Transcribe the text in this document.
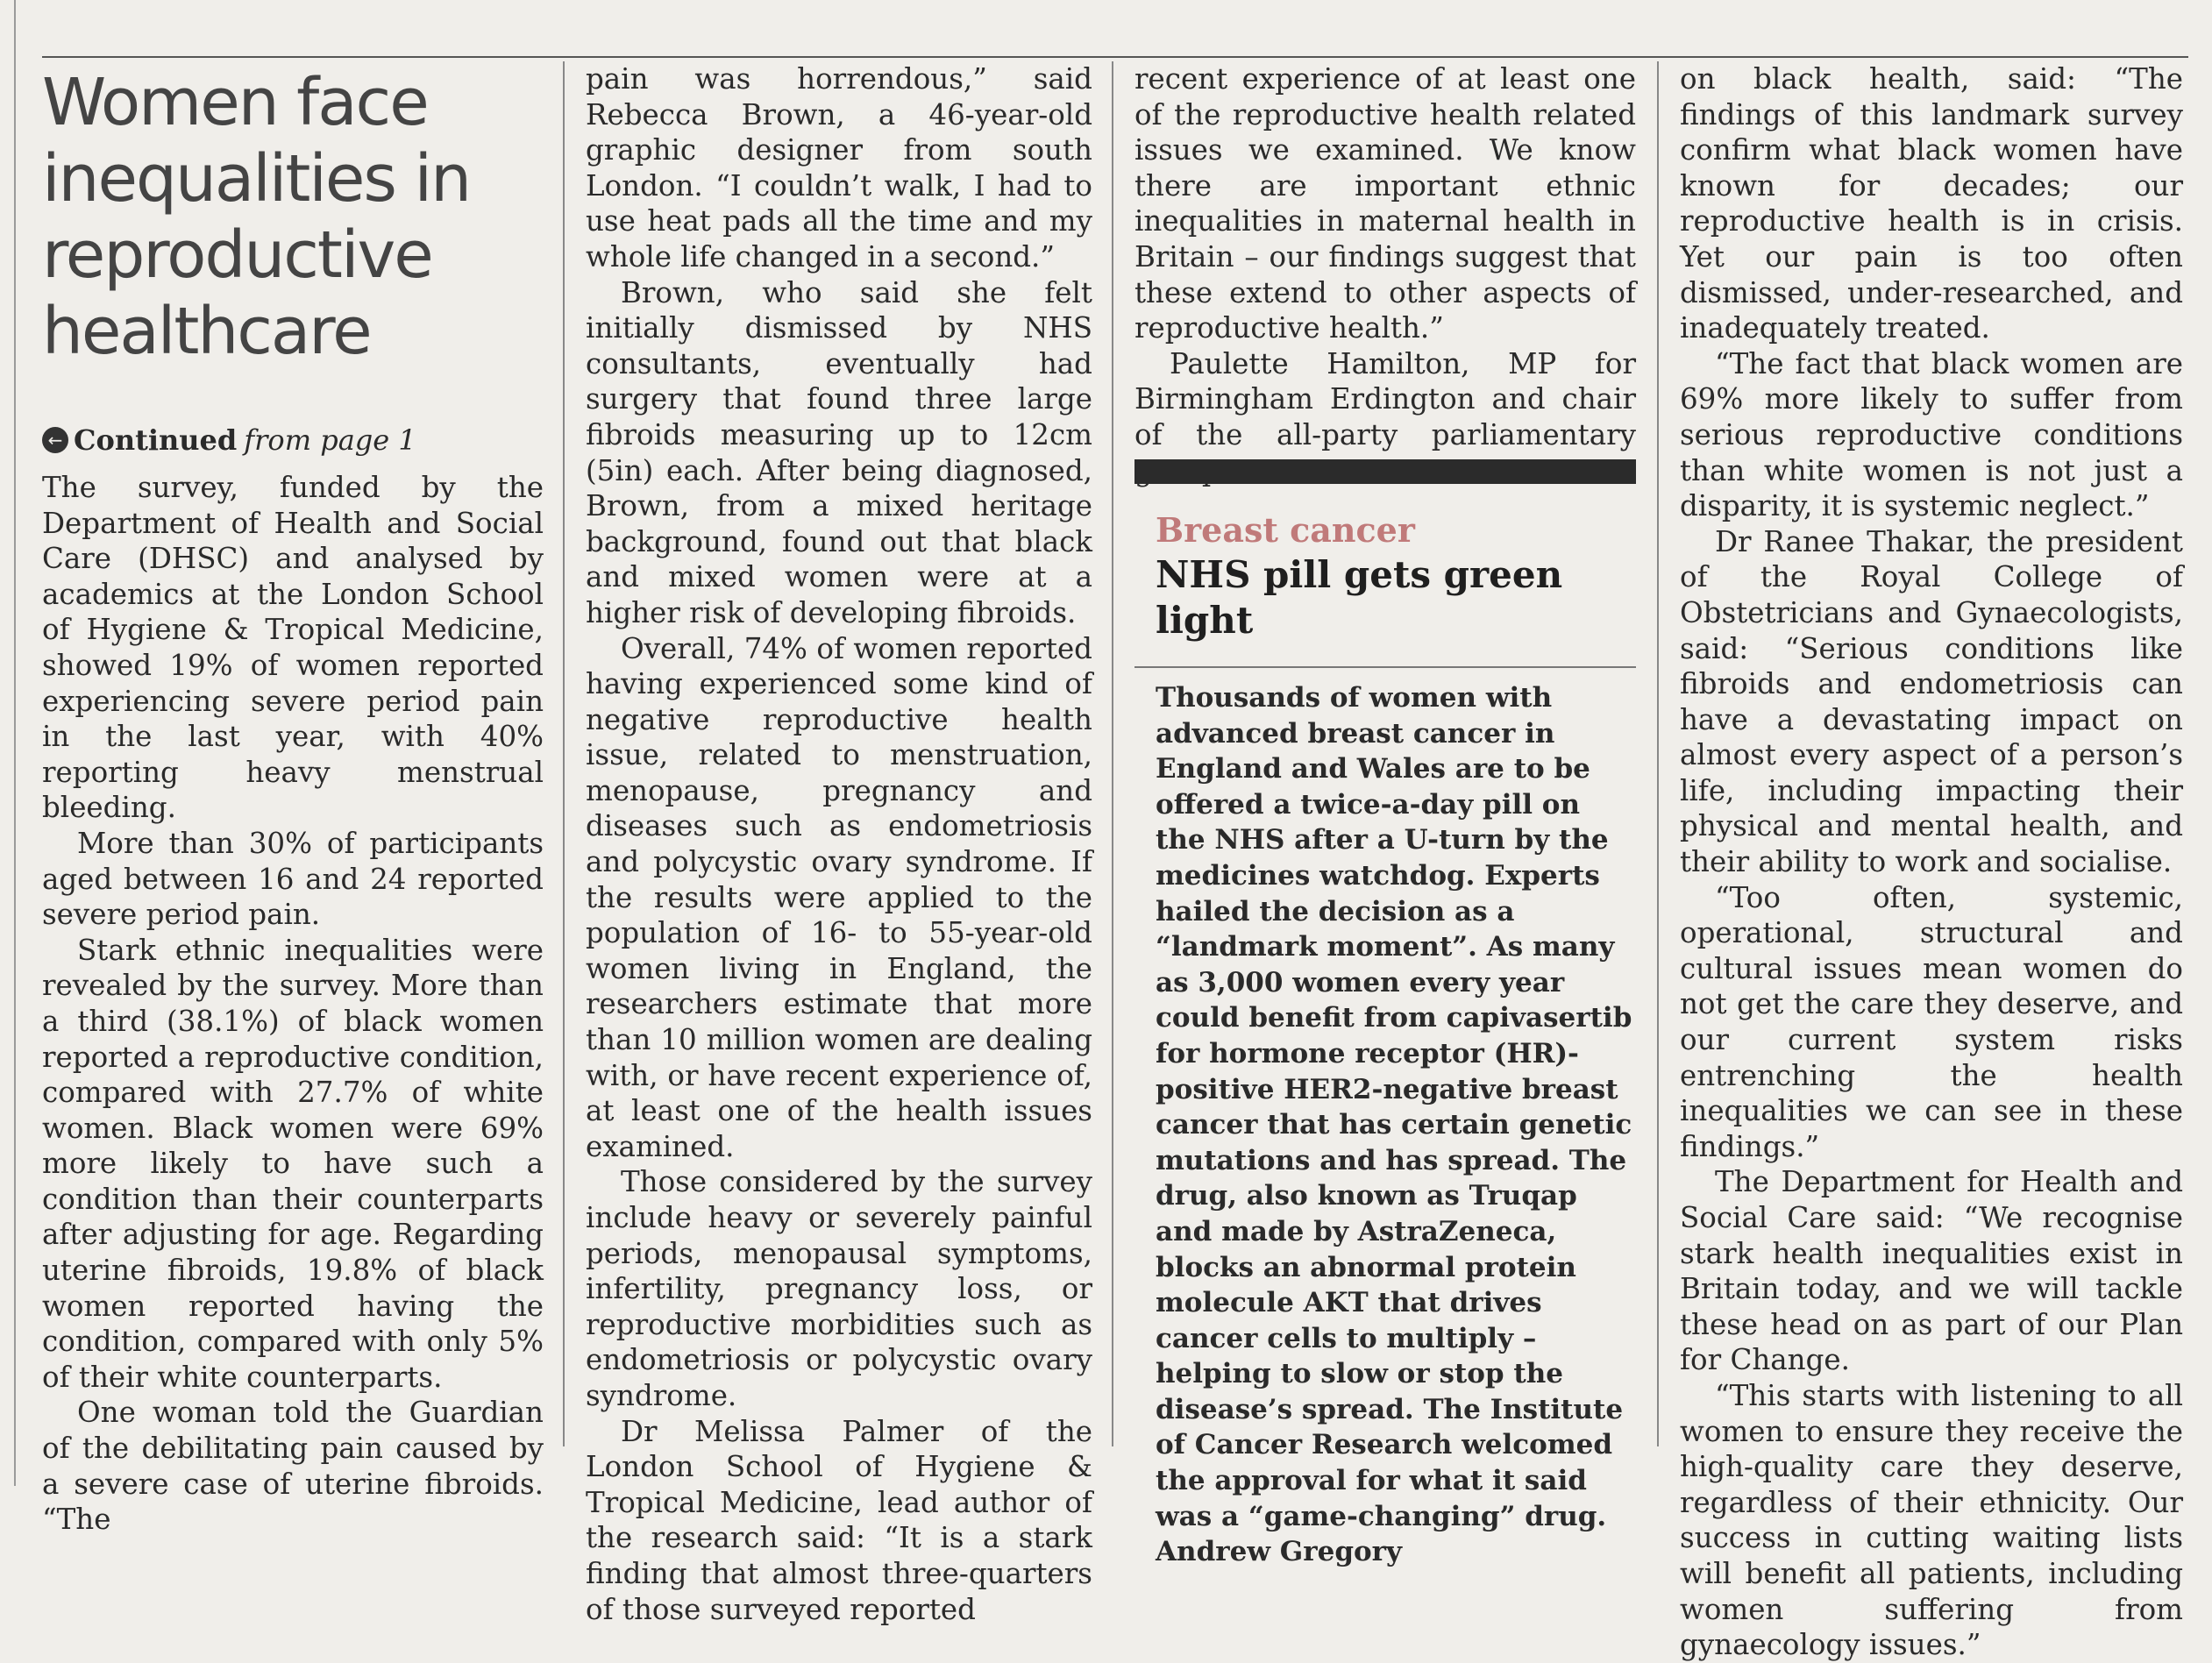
Women face
inequalities in
reproductive
healthcare
← Continued from page 1

The survey, funded by the Department of Health and Social Care (DHSC) and analysed by academics at the London School of Hygiene & Tropical Medicine, showed 19% of women reported experiencing severe period pain in the last year, with 40% reporting heavy menstrual bleeding.

More than 30% of participants aged between 16 and 24 reported severe period pain.

Stark ethnic inequalities were revealed by the survey. More than a third (38.1%) of black women reported a reproductive condition, compared with 27.7% of white women. Black women were 69% more likely to have such a condition than their counterparts after adjusting for age. Regarding uterine fibroids, 19.8% of black women reported having the condition, compared with only 5% of their white counterparts.

One woman told the Guardian of the debilitating pain caused by a severe case of uterine fibroids. “The

pain was horrendous,” said Rebecca Brown, a 46-year-old graphic designer from south London. “I couldn’t walk, I had to use heat pads all the time and my whole life changed in a second.”

Brown, who said she felt initially dismissed by NHS consultants, eventually had surgery that found three large fibroids measuring up to 12cm (5in) each. After being diagnosed, Brown, from a mixed heritage background, found out that black and mixed women were at a higher risk of developing fibroids.

Overall, 74% of women reported having experienced some kind of negative reproductive health issue, related to menstruation, menopause, pregnancy and diseases such as endometriosis and polycystic ovary syndrome. If the results were applied to the population of 16- to 55-year-old women living in England, the researchers estimate that more than 10 million women are dealing with, or have recent experience of, at least one of the health issues examined.

Those considered by the survey include heavy or severely painful periods, menopausal symptoms, infertility, pregnancy loss, or reproductive morbidities such as endometriosis or polycystic ovary syndrome.

Dr Melissa Palmer of the London School of Hygiene & Tropical Medicine, lead author of the research said: “It is a stark finding that almost three-quarters of those surveyed reported

recent experience of at least one of the reproductive health related issues we examined. We know there are important ethnic inequalities in maternal health in Britain – our findings suggest that these extend to other aspects of reproductive health.”

Paulette Hamilton, MP for Birmingham Erdington and chair of the all-party parliamentary

Breast cancer
NHS pill gets green light
Thousands of women with advanced breast cancer in England and Wales are to be offered a twice-a-day pill on the NHS after a U-turn by the medicines watchdog. Experts hailed the decision as a “landmark moment”. As many as 3,000 women every year could benefit from capivasertib for hormone receptor (HR)-positive HER2-negative breast cancer that has certain genetic mutations and has spread. The drug, also known as Truqap and made by AstraZeneca, blocks an abnormal protein molecule AKT that drives cancer cells to multiply – helping to slow or stop the disease’s spread. The Institute of Cancer Research welcomed the approval for what it said was a “game-changing” drug. Andrew Gregory

on black health, said: “The findings of this landmark survey confirm what black women have known for decades; our reproductive health is in crisis. Yet our pain is too often dismissed, under-researched, and inadequately treated.

“The fact that black women are 69% more likely to suffer from serious reproductive conditions than white women is not just a disparity, it is systemic neglect.”

Dr Ranee Thakar, the president of the Royal College of Obstetricians and Gynaecologists, said: “Serious conditions like fibroids and endometriosis can have a devastating impact on almost every aspect of a person’s life, including impacting their physical and mental health, and their ability to work and socialise.

“Too often, systemic, operational, structural and cultural issues mean women do not get the care they deserve, and our current system risks entrenching the health inequalities we can see in these findings.”

The Department for Health and Social Care said: “We recognise stark health inequalities exist in Britain today, and we will tackle these head on as part of our Plan for Change.

“This starts with listening to all women to ensure they receive the high-quality care they deserve, regardless of their ethnicity. Our success in cutting waiting lists will benefit all patients, including women suffering from gynaecology issues.”
